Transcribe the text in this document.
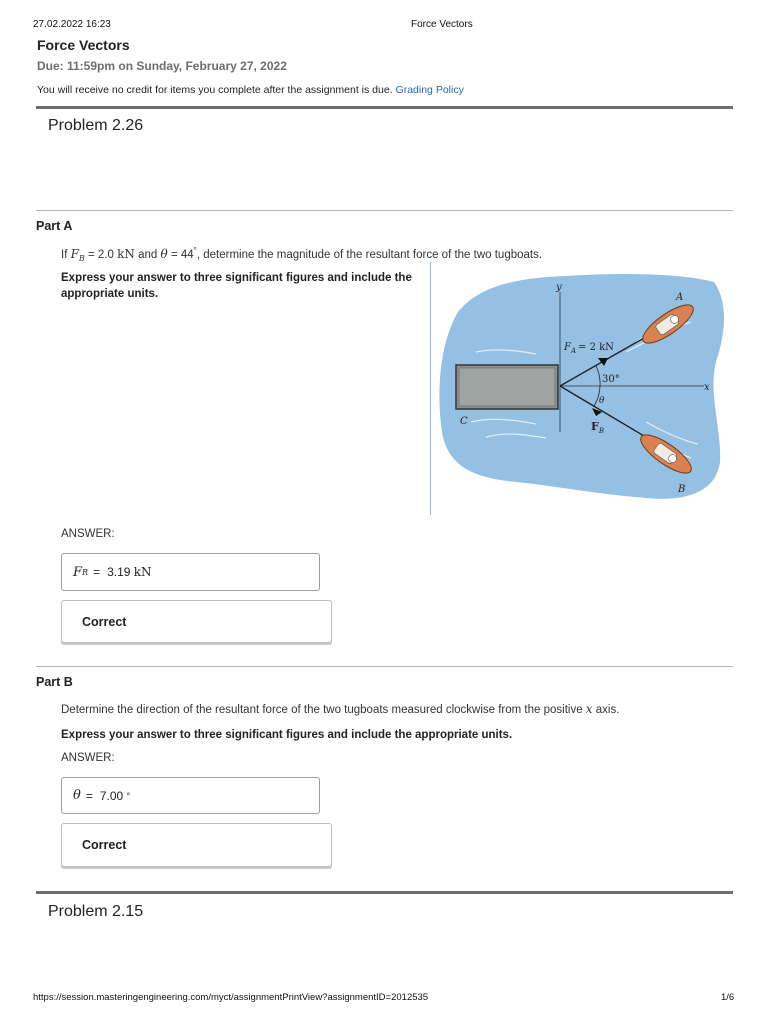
27.02.2022 16:23	Force Vectors
Force Vectors
Due: 11:59pm on Sunday, February 27, 2022
You will receive no credit for items you complete after the assignment is due. Grading Policy
Problem 2.26
Part A
If $F_B = 2.0$ kN and θ = 44°, determine the magnitude of the resultant force of the two tugboats.
Express your answer to three significant figures and include the appropriate units.
y
x
C
30°
θ
$F_A = 2$ kN
$F_B$
A
B
ANSWER:
F R = 3.19
kN
Correct
Part B
Determine the direction of the resultant force of the two tugboats measured clockwise from the positive x axis.
Express your answer to three significant figures and include the appropriate units.
ANSWER:
θ = 7.00
°
Correct
Problem 2.15
https://session.masteringengineering.com/myct/assignmentPrintView?assignmentID=2012535	1/6
